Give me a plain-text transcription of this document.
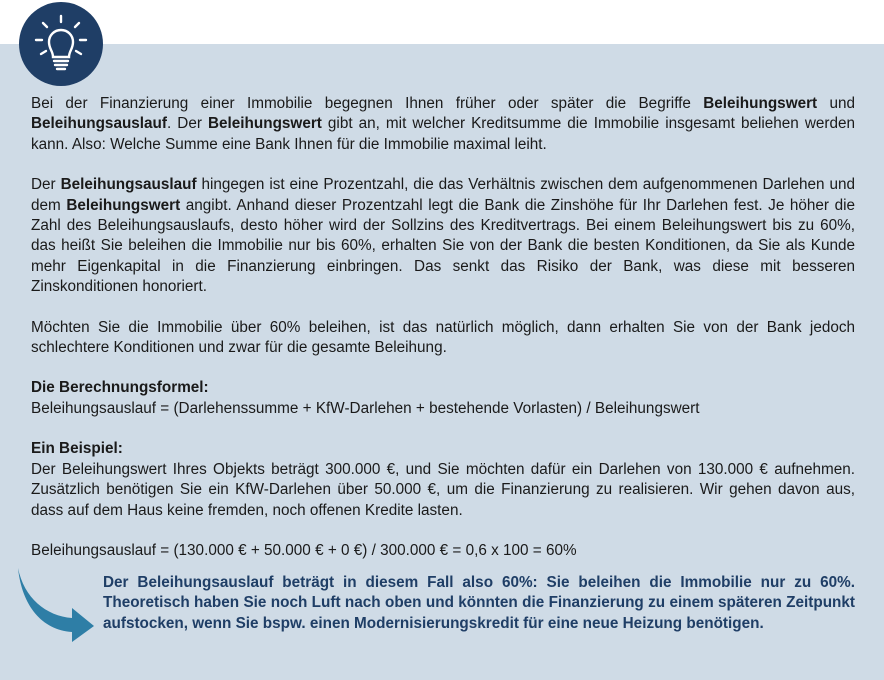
Bei der Finanzierung einer Immobilie begegnen Ihnen früher oder später die Begriffe Beleihungswert und Beleihungsauslauf. Der Beleihungswert gibt an, mit welcher Kreditsumme die Immobilie insgesamt beliehen werden kann. Also: Welche Summe eine Bank Ihnen für die Immobilie maximal leiht.

Der Beleihungsauslauf hingegen ist eine Prozentzahl, die das Verhältnis zwischen dem aufgenommenen Darlehen und dem Beleihungswert angibt. Anhand dieser Prozentzahl legt die Bank die Zinshöhe für Ihr Darlehen fest. Je höher die Zahl des Beleihungsauslaufs, desto höher wird der Sollzins des Kreditvertrags. Bei einem Beleihungswert bis zu 60%, das heißt Sie beleihen die Immobilie nur bis 60%, erhalten Sie von der Bank die besten Konditionen, da Sie als Kunde mehr Eigenkapital in die Finanzierung einbringen. Das senkt das Risiko der Bank, was diese mit besseren Zinskonditionen honoriert.

Möchten Sie die Immobilie über 60% beleihen, ist das natürlich möglich, dann erhalten Sie von der Bank jedoch schlechtere Konditionen und zwar für die gesamte Beleihung.

Die Berechnungsformel:

Beleihungsauslauf = (Darlehenssumme + KfW-Darlehen + bestehende Vorlasten) / Beleihungswert

Ein Beispiel:

Der Beleihungswert Ihres Objekts beträgt 300.000 €, und Sie möchten dafür ein Darlehen von 130.000 € aufnehmen. Zusätzlich benötigen Sie ein KfW-Darlehen über 50.000 €, um die Finanzierung zu realisieren. Wir gehen davon aus, dass auf dem Haus keine fremden, noch offenen Kredite lasten.

Beleihungsauslauf = (130.000 € + 50.000 € + 0 €) / 300.000 € = 0,6 x 100 = 60%

Der Beleihungsauslauf beträgt in diesem Fall also 60%: Sie beleihen die Immobilie nur zu 60%. Theoretisch haben Sie noch Luft nach oben und könnten die Finanzierung zu einem späteren Zeitpunkt aufstocken, wenn Sie bspw. einen Modernisierungskredit für eine neue Heizung benötigen.
